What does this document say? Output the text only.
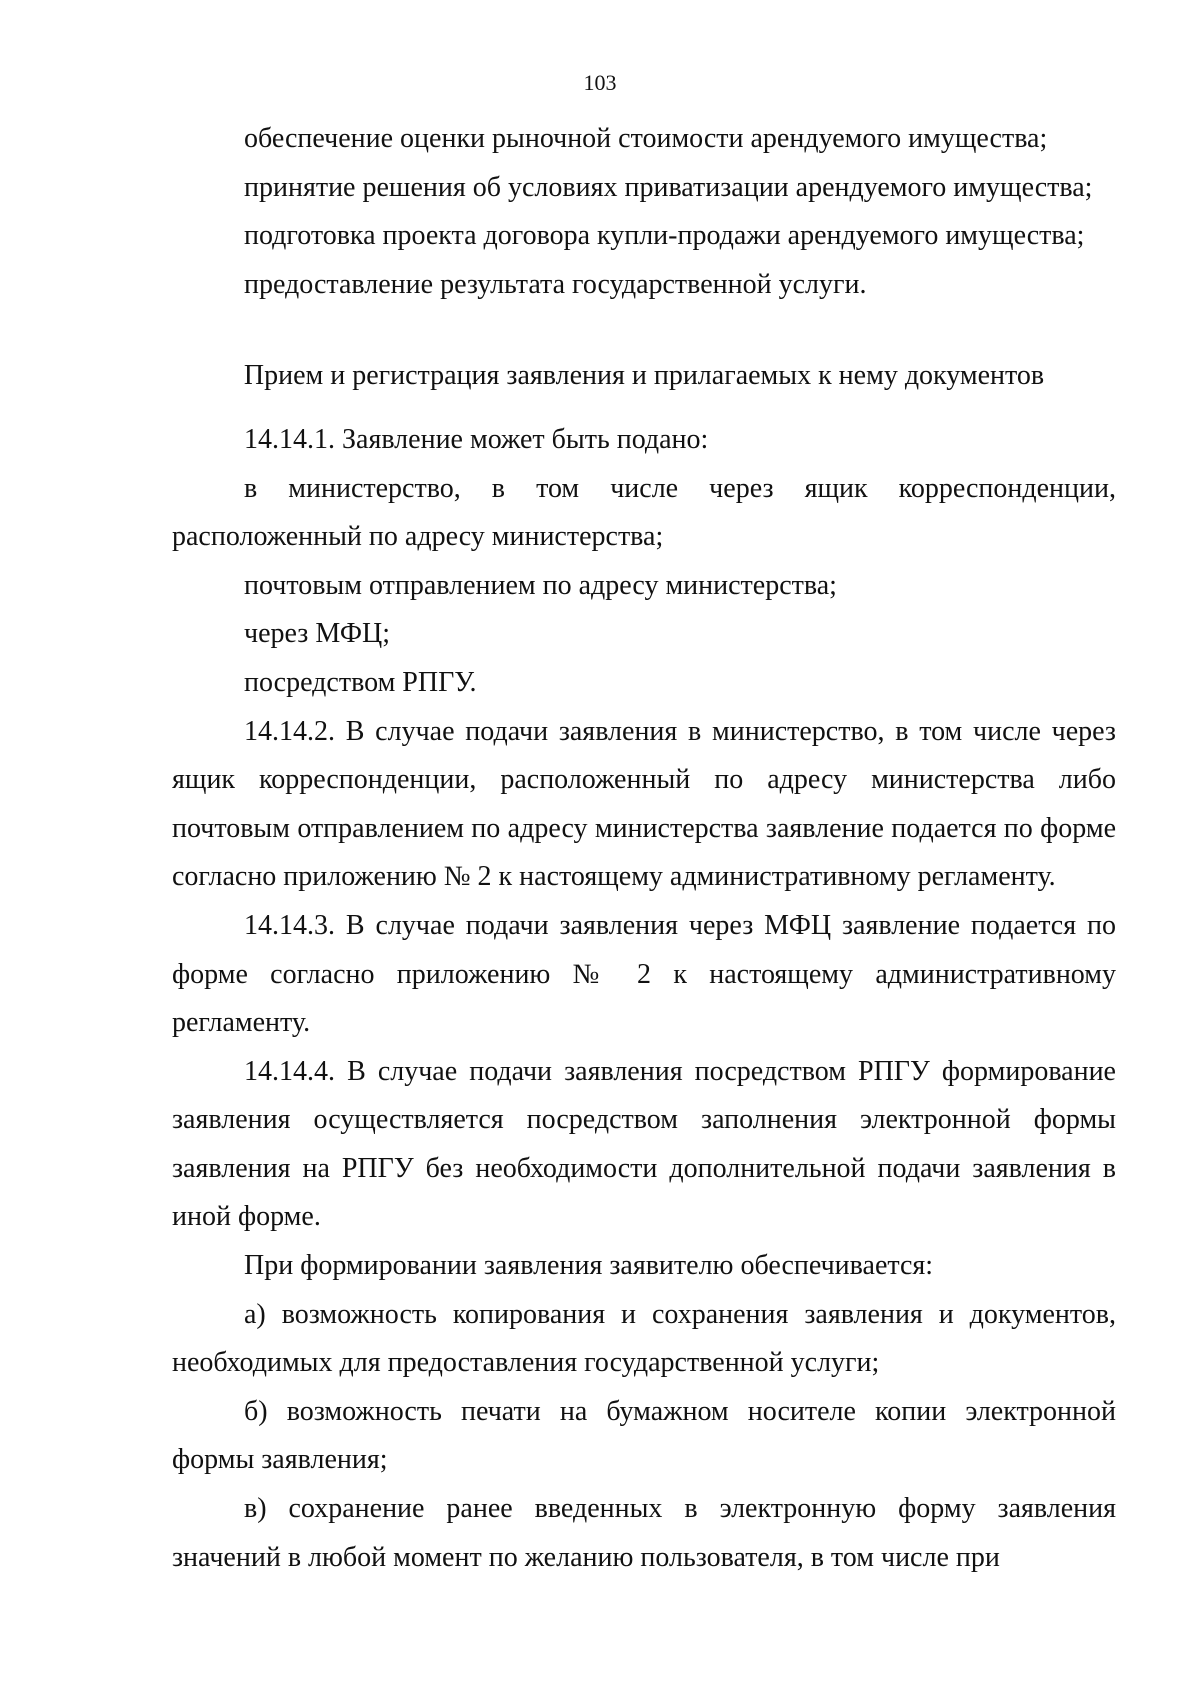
103

обеспечение оценки рыночной стоимости арендуемого имущества;

принятие решения об условиях приватизации арендуемого имущества;

подготовка проекта договора купли-продажи арендуемого имущества;

предоставление результата государственной услуги.

Прием и регистрация заявления и прилагаемых к нему документов

14.14.1. Заявление может быть подано:

в министерство, в том числе через ящик корреспонденции, расположенный по адресу министерства;

почтовым отправлением по адресу министерства;

через МФЦ;

посредством РПГУ.

14.14.2. В случае подачи заявления в министерство, в том числе через ящик корреспонденции, расположенный по адресу министерства либо почтовым отправлением по адресу министерства заявление подается по форме согласно приложению № 2 к настоящему административному регламенту.

14.14.3. В случае подачи заявления через МФЦ заявление подается по форме согласно приложению № 2 к настоящему административному регламенту.

14.14.4. В случае подачи заявления посредством РПГУ формирование заявления осуществляется посредством заполнения электронной формы заявления на РПГУ без необходимости дополнительной подачи заявления в иной форме.

При формировании заявления заявителю обеспечивается:

а) возможность копирования и сохранения заявления и документов, необходимых для предоставления государственной услуги;

б) возможность печати на бумажном носителе копии электронной формы заявления;

в) сохранение ранее введенных в электронную форму заявления значений в любой момент по желанию пользователя, в том числе при
